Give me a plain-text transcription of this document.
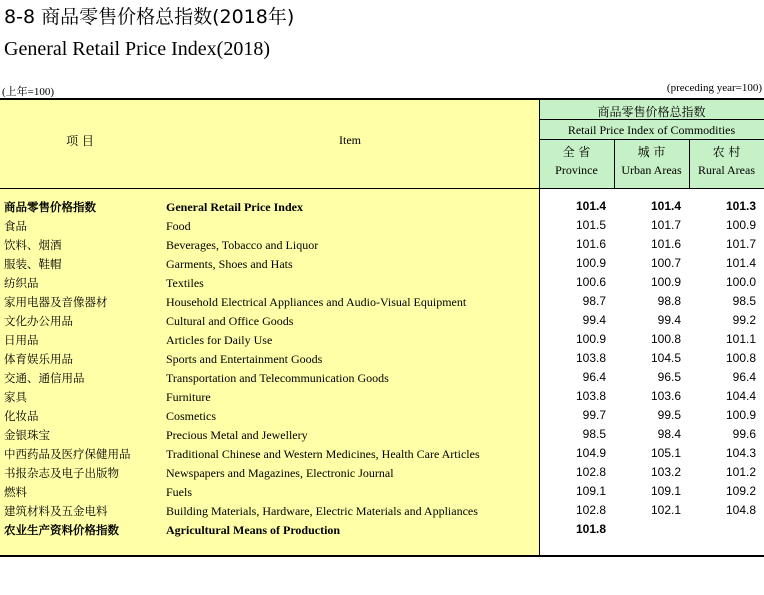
8-8 商品零售价格总指数(2018年)
General Retail Price Index(2018)
(上年=100)	(preceding year=100)
项 目	Item
商品零售价格总指数
Retail Price Index of Commodities
全 省
Province
城 市
Urban Areas
农 村
Rural Areas
商品零售价格指数	General Retail Price Index	101.4	101.4	101.3
食品	Food	101.5	101.7	100.9
饮料、烟酒	Beverages, Tobacco and Liquor	101.6	101.6	101.7
服装、鞋帽	Garments, Shoes and Hats	100.9	100.7	101.4
纺织品	Textiles	100.6	100.9	100.0
家用电器及音像器材	Household Electrical Appliances and Audio-Visual Equipment	98.7	98.8	98.5
文化办公用品	Cultural and Office Goods	99.4	99.4	99.2
日用品	Articles for Daily Use	100.9	100.8	101.1
体育娱乐用品	Sports and Entertainment Goods	103.8	104.5	100.8
交通、通信用品	Transportation and Telecommunication Goods	96.4	96.5	96.4
家具	Furniture	103.8	103.6	104.4
化妆品	Cosmetics	99.7	99.5	100.9
金银珠宝	Precious Metal and Jewellery	98.5	98.4	99.6
中西药品及医疗保健用品	Traditional Chinese and Western Medicines, Health Care Articles	104.9	105.1	104.3
书报杂志及电子出版物	Newspapers and Magazines, Electronic Journal	102.8	103.2	101.2
燃料	Fuels	109.1	109.1	109.2
建筑材料及五金电料	Building Materials, Hardware, Electric Materials and Appliances	102.8	102.1	104.8
农业生产资料价格指数	Agricultural Means of Production	101.8
